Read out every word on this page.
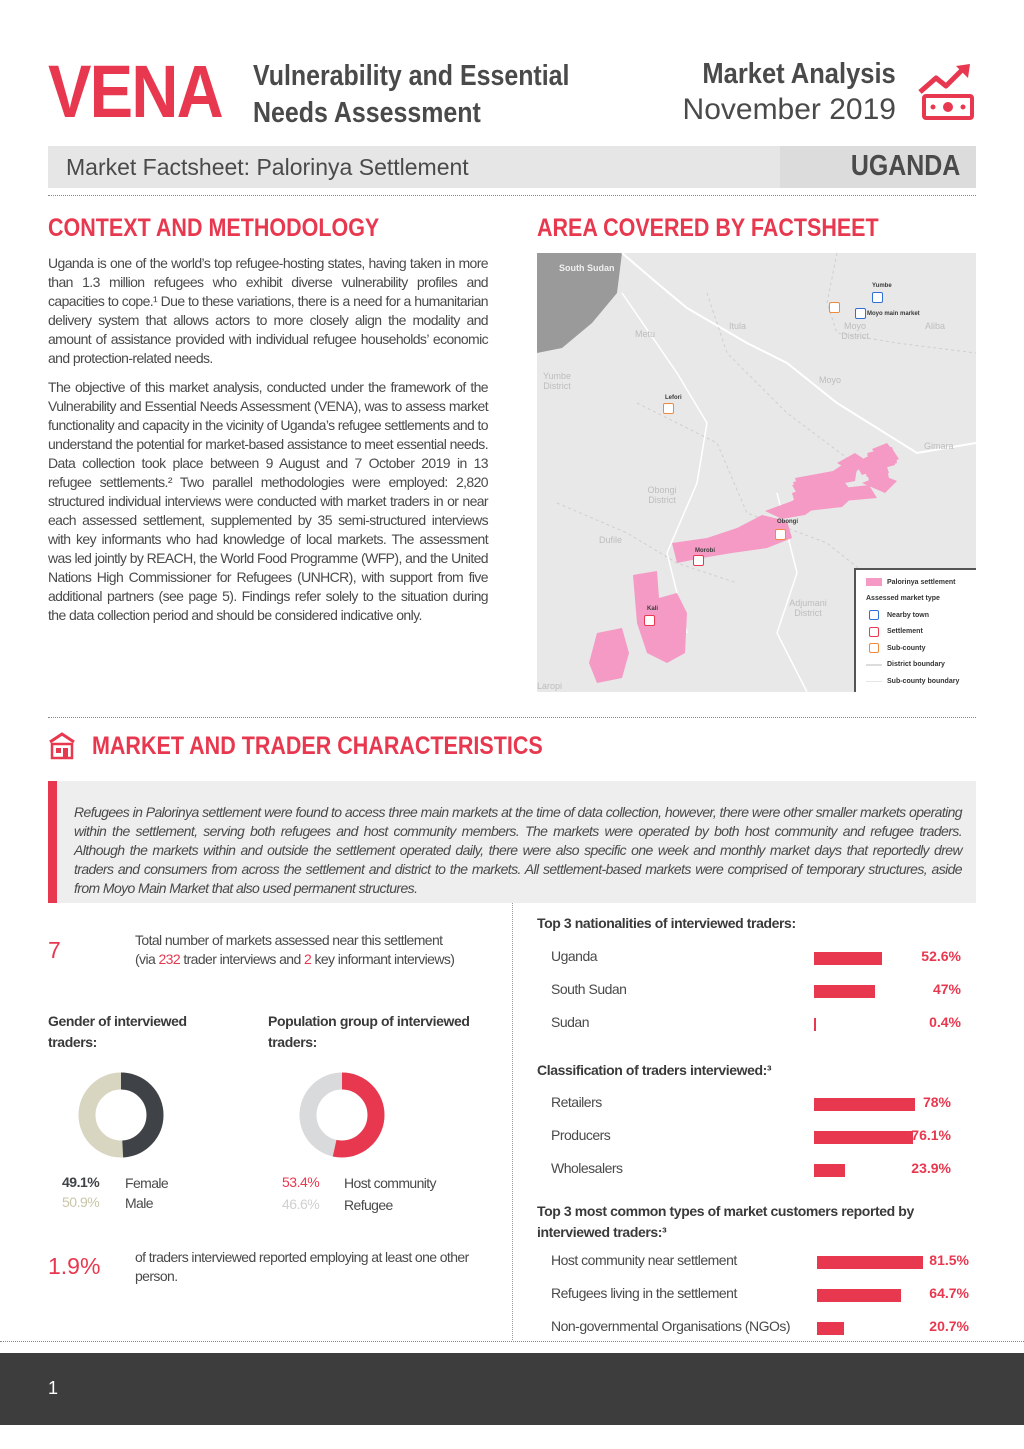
VENA Vulnerability and Essential
Needs Assessment
Market Analysis
November 2019
Market Factsheet: Palorinya Settlement	UGANDA
CONTEXT AND METHODOLOGY
Uganda is one of the world’s top refugee-hosting states, having taken in more than 1.3 million refugees who exhibit diverse vulnerability profiles and capacities to cope.¹ Due to these variations, there is a need for a humanitarian delivery system that allows actors to more closely align the modality and amount of assistance provided with individual refugee households’ economic and protection-related needs.
The objective of this market analysis, conducted under the framework of the Vulnerability and Essential Needs Assessment (VENA), was to assess market functionality and capacity in the vicinity of Uganda’s refugee settlements and to understand the potential for market-based assistance to meet essential needs. Data collection took place between 9 August and 7 October 2019 in 13 refugee settlements.² Two parallel methodologies were employed: 2,820 structured individual interviews were conducted with market traders in or near each assessed settlement, supplemented by 35 semi-structured interviews with key informants who had knowledge of local markets. The assessment was led jointly by REACH, the World Food Programme (WFP), and the United Nations High Commissioner for Refugees (UNHCR), with support from five additional partners (see page 5). Findings refer solely to the situation during the data collection period and should be considered indicative only.
AREA COVERED BY FACTSHEET
South Sudan
Yumbe District
Obongi District
Adjumani District
Moyo District
Metu
Moyo
Itula
Dufile
Aliba
Gimara
Laropi
Yumbe
Moyo main market
Lefori
Obongi
Morobi
Kali
Palorinya settlement
Assessed market type
Nearby town
Settlement
Sub-county
District boundary
Sub-county boundary
MARKET AND TRADER CHARACTERISTICS
Refugees in Palorinya settlement were found to access three main markets at the time of data collection, however, there were other smaller markets operating within the settlement, serving both refugees and host community members. The markets were operated by both host community and refugee traders. Although the markets within and outside the settlement operated daily, there were also specific one week and monthly market days that reportedly drew traders and consumers from across the settlement and district to the markets. All settlement-based markets were comprised of temporary structures, aside from Moyo Main Market that also used permanent structures.
7	Total number of markets assessed near this settlement
(via 232 trader interviews and 2 key informant interviews)
Gender of interviewed traders:
Population group of interviewed traders:
49.1% Female
50.9% Male
53.4% Host community
46.6% Refugee
1.9% of traders interviewed reported employing at least one other person.
Top 3 nationalities of interviewed traders:
Uganda	52.6%
South Sudan	47%
Sudan	0.4%
Classification of traders interviewed:³
Retailers	78%
Producers	76.1%
Wholesalers	23.9%
Top 3 most common types of market customers reported by
interviewed traders:³
Host community near settlement	81.5%
Refugees living in the settlement	64.7%
Non-governmental Organisations (NGOs)	20.7%
1
